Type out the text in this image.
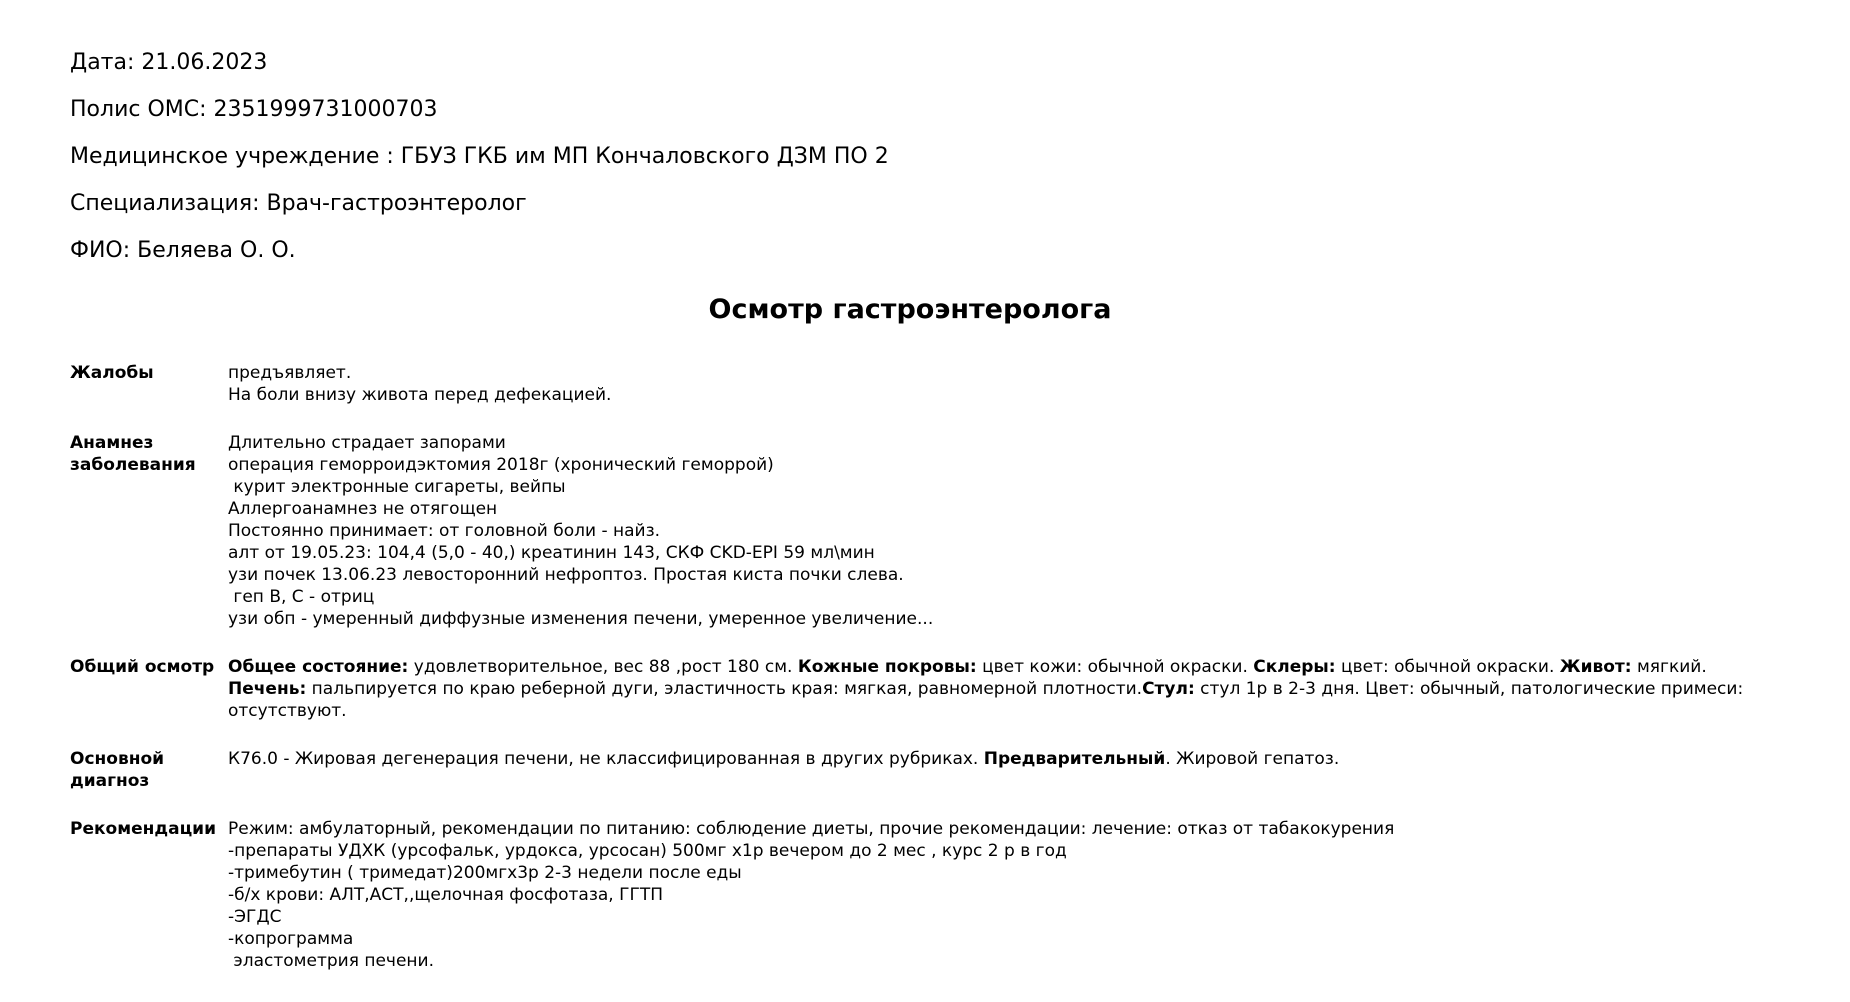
Дата: 21.06.2023

Полис ОМС: 2351999731000703

Медицинское учреждение : ГБУЗ ГКБ им МП Кончаловского ДЗМ ПО 2

Специализация: Врач-гастроэнтеролог

ФИО: Беляева О. О.

Осмотр гастроэнтеролога
Жалобы	предъявляет.
На боли внизу живота перед дефекацией.
Анамнез заболевания
Длительно страдает запорами
операция геморроидэктомия 2018г (хронический геморрой)
курит электронные сигареты, вейпы
Аллергоанамнез не отягощен
Постоянно принимает: от головной боли - найз.
алт от 19.05.23: 104,4 (5,0 - 40,) креатинин 143, СКФ CKD-EPI 59 мл\мин
узи почек 13.06.23 левосторонний нефроптоз. Простая киста почки слева.
геп В, С - отриц
узи обп - умеренный диффузные изменения печени, умеренное увеличение...
Общий осмотр Общее состояние: удовлетворительное, вес 88 ,рост 180 см. Кожные покровы: цвет кожи: обычной окраски. Склеры: цвет: обычной окраски. Живот: мягкий.
Печень: пальпируется по краю реберной дуги, эластичность края: мягкая, равномерной плотности.Стул: стул 1р в 2-3 дня. Цвет: обычный, патологические примеси:
отсутствуют.
Основной диагноз
К76.0 - Жировая дегенерация печени, не классифицированная в других рубриках. Предварительный. Жировой гепатоз.
Рекомендации Режим: амбулаторный, рекомендации по питанию: соблюдение диеты, прочие рекомендации: лечение: отказ от табакокурения
-препараты УДХК (урсофальк, урдокса, урсосан) 500мг х1р вечером до 2 мес , курс 2 р в год
-тримебутин ( тримедат)200мгх3р 2-3 недели после еды
-б/х крови: АЛТ,АСТ,,щелочная фосфотаза, ГГТП
-ЭГДС
-копрограмма
эластометрия печени.
